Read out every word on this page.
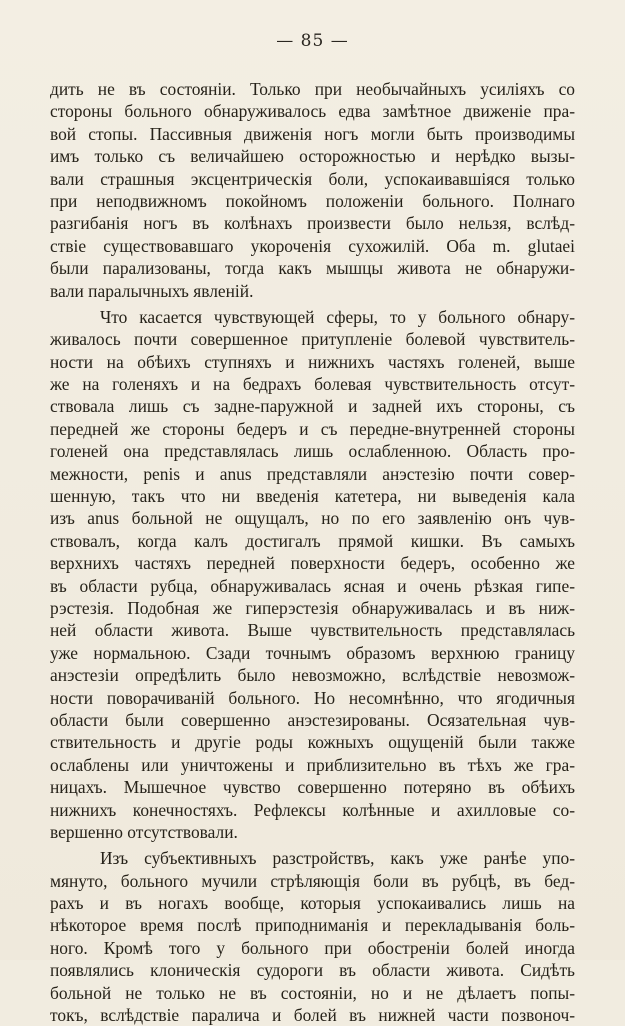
— 85 —
дить не въ состоянiи. Только при необычайныхъ усилiяхъ со
стороны больного обнаруживалось едва замѣтное движенiе пра-
вой стопы. Пассивныя движенiя ногъ могли быть производимы
имъ только съ величайшею осторожностью и нерѣдко вызы-
вали страшныя эксцентрическiя боли, успокаивавшiяся только
при неподвижномъ покойномъ положенiи больного. Полнаго
разгибанiя ногъ въ колѣнахъ произвести было нельзя, вслѣд-
ствiе существовавшаго укороченiя сухожилiй. Оба m. glutaei
были парализованы, тогда какъ мышцы живота не обнаружи-
вали паралычныхъ явленiй.
Что касается чувствующей сферы, то у больного обнару-
живалось почти совершенное притупленiе болевой чувствитель-
ности на обѣихъ ступняхъ и нижнихъ частяхъ голеней, выше
же на голеняхъ и на бедрахъ болевая чувствительность отсут-
ствовала лишь съ задне-паружной и задней ихъ стороны, съ
передней же стороны бедеръ и съ передне-внутренней стороны
голеней она представлялась лишь ослабленною. Область про-
межности, penis и anus представляли анэстезiю почти совер-
шенную, такъ что ни введенiя катетера, ни выведенiя кала
изъ anus больной не ощущалъ, но по его заявленiю онъ чув-
ствовалъ, когда калъ достигалъ прямой кишки. Въ самыхъ
верхнихъ частяхъ передней поверхности бедеръ, особенно же
въ области рубца, обнаруживалась ясная и очень рѣзкая гипе-
рэстезiя. Подобная же гиперэстезiя обнаруживалась и въ ниж-
ней области живота. Выше чувствительность представлялась
уже нормальною. Сзади точнымъ образомъ верхнюю границу
анэстезiи опредѣлить было невозможно, вслѣдствiе невозмож-
ности поворачиванiй больного. Но несомнѣнно, что ягодичныя
области были совершенно анэстезированы. Осязательная чув-
ствительность и другiе роды кожныхъ ощущенiй были также
ослаблены или уничтожены и приблизительно въ тѣхъ же гра-
ницахъ. Мышечное чувство совершенно потеряно въ обѣихъ
нижнихъ конечностяхъ. Рефлексы колѣнные и ахилловые со-
вершенно отсутствовали.
Изъ субъективныхъ разстройствъ, какъ уже ранѣе упо-
мянуто, больного мучили стрѣляющiя боли въ рубцѣ, въ бед-
рахъ и въ ногахъ вообще, которыя успокаивались лишь на
нѣкоторое время послѣ приподниманiя и перекладыванiя боль-
ного. Кромѣ того у больного при обостренiи болей иногда
появлялись клоническiя судороги въ области живота. Сидѣть
больной не только не въ состоянiи, но и не дѣлаетъ попы-
токъ, вслѣдствiе паралича и болей въ нижней части позвоноч-
